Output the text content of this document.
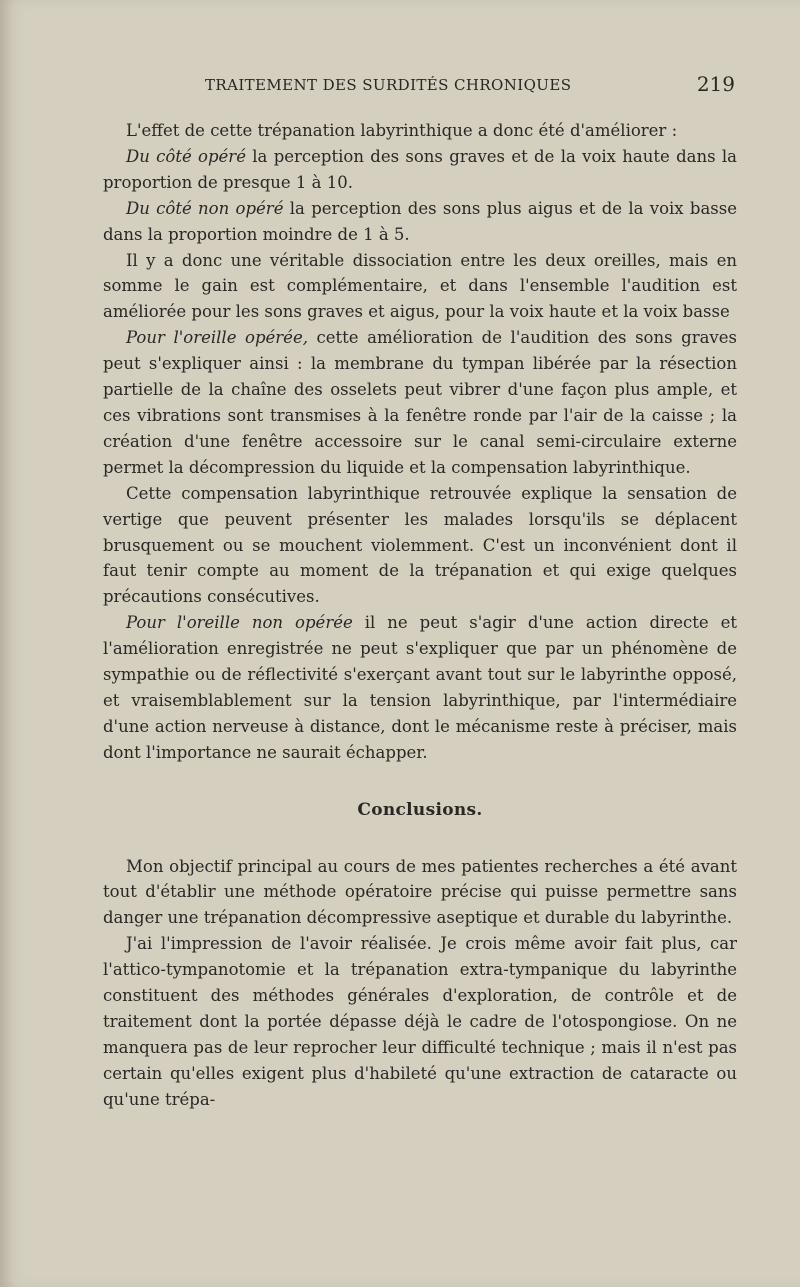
TRAITEMENT DES SURDITÉS CHRONIQUES	219

L'effet de cette trépanation labyrinthique a donc été d'améliorer :

Du côté opéré la perception des sons graves et de la voix haute dans la proportion de presque 1 à 10.

Du côté non opéré la perception des sons plus aigus et de la voix basse dans la proportion moindre de 1 à 5.

Il y a donc une véritable dissociation entre les deux oreilles, mais en somme le gain est complémentaire, et dans l'ensemble l'audition est améliorée pour les sons graves et aigus, pour la voix haute et la voix basse

Pour l'oreille opérée, cette amélioration de l'audition des sons graves peut s'expliquer ainsi : la membrane du tympan libérée par la résection partielle de la chaîne des osselets peut vibrer d'une façon plus ample, et ces vibrations sont transmises à la fenêtre ronde par l'air de la caisse ; la création d'une fenêtre accessoire sur le canal semi-circulaire externe permet la décompression du liquide et la compensation labyrinthique.

Cette compensation labyrinthique retrouvée explique la sensation de vertige que peuvent présenter les malades lorsqu'ils se déplacent brusquement ou se mouchent violemment. C'est un inconvénient dont il faut tenir compte au moment de la trépanation et qui exige quelques précautions consécutives.

Pour l'oreille non opérée il ne peut s'agir d'une action directe et l'amélioration enregistrée ne peut s'expliquer que par un phénomène de sympathie ou de réflectivité s'exerçant avant tout sur le labyrinthe opposé, et vraisemblablement sur la tension labyrinthique, par l'intermédiaire d'une action nerveuse à distance, dont le mécanisme reste à préciser, mais dont l'importance ne saurait échapper.

Conclusions.

Mon objectif principal au cours de mes patientes recherches a été avant tout d'établir une méthode opératoire précise qui puisse permettre sans danger une trépanation décompressive aseptique et durable du labyrinthe.

J'ai l'impression de l'avoir réalisée. Je crois même avoir fait plus, car l'attico-tympanotomie et la trépanation extra-tympanique du labyrinthe constituent des méthodes générales d'exploration, de contrôle et de traitement dont la portée dépasse déjà le cadre de l'otospongiose. On ne manquera pas de leur reprocher leur difficulté technique ; mais il n'est pas certain qu'elles exigent plus d'habileté qu'une extraction de cataracte ou qu'une trépa-
